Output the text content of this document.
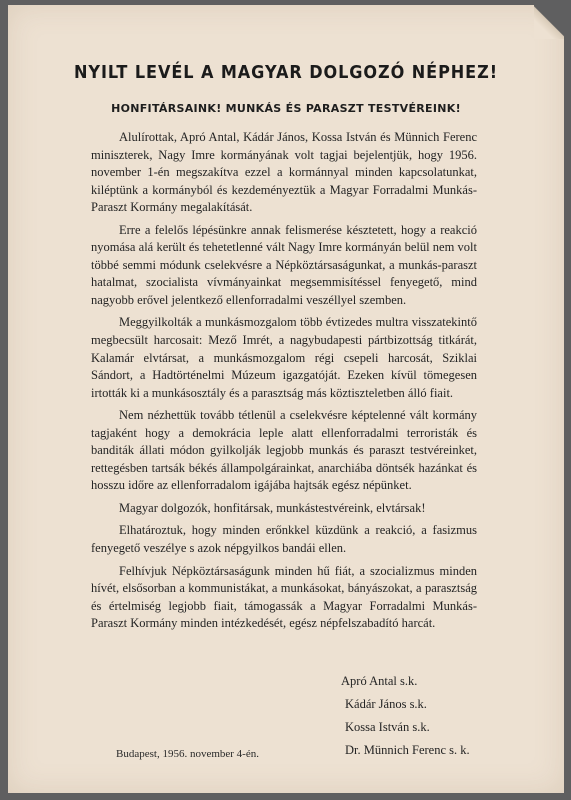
NYILT LEVÉL A MAGYAR DOLGOZÓ NÉPHEZ!
HONFITÁRSAINK! MUNKÁS ÉS PARASZT TESTVÉREINK!

Alulírottak, Apró Antal, Kádár János, Kossa István és Münnich Ferenc miniszterek, Nagy Imre kormányának volt tagjai bejelentjük, hogy 1956. november 1-én megszakítva ezzel a kormánnyal minden kapcsolatunkat, kiléptünk a kormányból és kezdeményeztük a Magyar Forradalmi Munkás-Paraszt Kormány megalakítását.

Erre a felelős lépésünkre annak felismerése késztetett, hogy a reakció nyomása alá került és tehetetlenné vált Nagy Imre kormányán belül nem volt többé semmi módunk cselekvésre a Népköztársaságunkat, a munkás-paraszt hatalmat, szocialista vívmányainkat megsemmisítéssel fenyegető, mind nagyobb erővel jelentkező ellenforradalmi veszéllyel szemben.

Meggyilkolták a munkásmozgalom több évtizedes multra visszatekintő megbecsült harcosait: Mező Imrét, a nagybudapesti pártbizottság titkárát, Kalamár elvtársat, a munkásmozgalom régi csepeli harcosát, Sziklai Sándort, a Hadtörténelmi Múzeum igazgatóját. Ezeken kívül tömegesen irtották ki a munkásosztály és a parasztság más köztiszteletben álló fiait.

Nem nézhettük tovább tétlenül a cselekvésre képtelenné vált kormány tagjaként hogy a demokrácia leple alatt ellenforradalmi terroristák és banditák állati módon gyilkolják legjobb munkás és paraszt testvéreinket, rettegésben tartsák békés állampolgárainkat, anarchiába döntsék hazánkat és hosszu időre az ellenforradalom igájába hajtsák egész népünket.

Magyar dolgozók, honfitársak, munkástestvéreink, elvtársak!

Elhatároztuk, hogy minden erőnkkel küzdünk a reakció, a fasizmus fenyegető veszélye s azok népgyilkos bandái ellen.

Felhívjuk Népköztársaságunk minden hű fiát, a szocializmus minden hívét, elsősorban a kommunistákat, a munkásokat, bányászokat, a parasztság és értelmiség legjobb fiait, támogassák a Magyar Forradalmi Munkás-Paraszt Kormány minden intézkedését, egész népfelszabadító harcát.

Apró Antal s.k.
Kádár János s.k.
Kossa István s.k.
Dr. Münnich Ferenc s. k.
Budapest, 1956. november 4-én.
